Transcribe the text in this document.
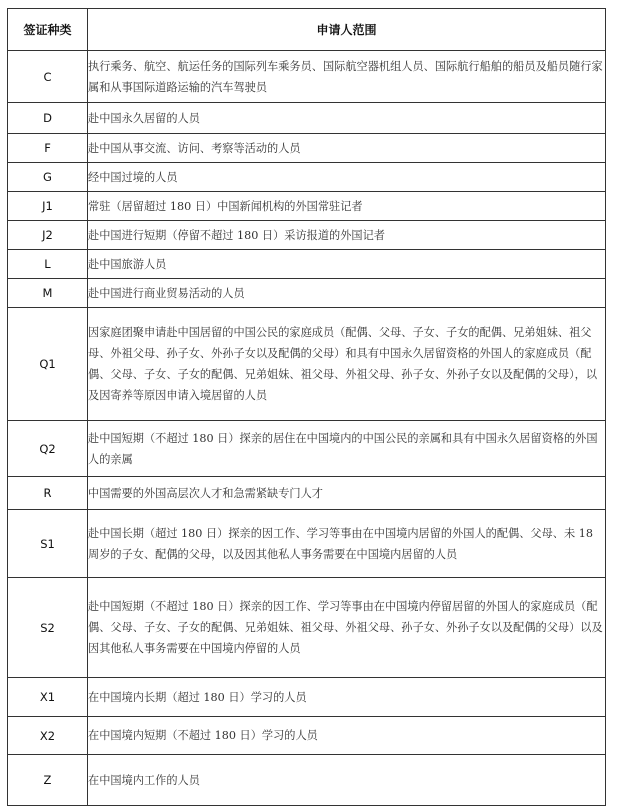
签证种类	申请人范围
C	执行乘务、航空、航运任务的国际列车乘务员、国际航空器机组人员、国际航行船舶的船员及船员随行家属和从事国际道路运输的汽车驾驶员
D	赴中国永久居留的人员
F	赴中国从事交流、访问、考察等活动的人员
G	经中国过境的人员
J1	常驻（居留超过 180 日）中国新闻机构的外国常驻记者
J2	赴中国进行短期（停留不超过 180 日）采访报道的外国记者
L	赴中国旅游人员
M	赴中国进行商业贸易活动的人员
Q1	因家庭团聚申请赴中国居留的中国公民的家庭成员（配偶、父母、子女、子女的配偶、兄弟姐妹、祖父母、外祖父母、孙子女、外孙子女以及配偶的父母）和具有中国永久居留资格的外国人的家庭成员（配偶、父母、子女、子女的配偶、兄弟姐妹、祖父母、外祖父母、孙子女、外孙子女以及配偶的父母），以及因寄养等原因申请入境居留的人员
Q2	赴中国短期（不超过 180 日）探亲的居住在中国境内的中国公民的亲属和具有中国永久居留资格的外国人的亲属
R	中国需要的外国高层次人才和急需紧缺专门人才
S1	赴中国长期（超过 180 日）探亲的因工作、学习等事由在中国境内居留的外国人的配偶、父母、未 18 周岁的子女、配偶的父母，以及因其他私人事务需要在中国境内居留的人员
S2	赴中国短期（不超过 180 日）探亲的因工作、学习等事由在中国境内停留居留的外国人的家庭成员（配偶、父母、子女、子女的配偶、兄弟姐妹、祖父母、外祖父母、孙子女、外孙子女以及配偶的父母）以及因其他私人事务需要在中国境内停留的人员
X1	在中国境内长期（超过 180 日）学习的人员
X2	在中国境内短期（不超过 180 日）学习的人员
Z	在中国境内工作的人员
